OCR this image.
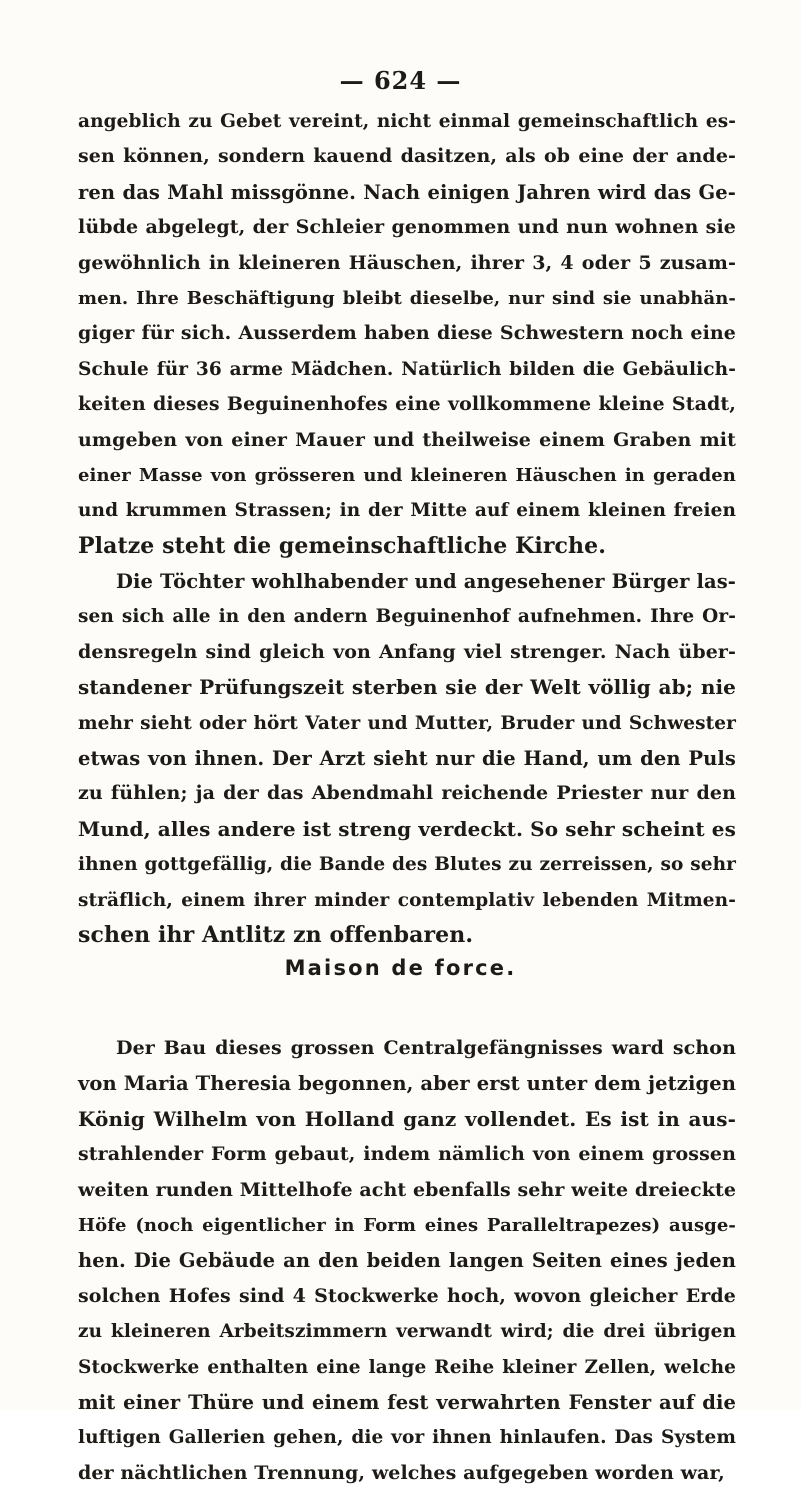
— 624 —
angeblich zu Gebet vereint, nicht einmal gemeinschaftlich es-
sen können, sondern kauend dasitzen, als ob eine der ande-
ren das Mahl missgönne. Nach einigen Jahren wird das Ge-
lübde abgelegt, der Schleier genommen und nun wohnen sie
gewöhnlich in kleineren Häuschen, ihrer 3, 4 oder 5 zusam-
men. Ihre Beschäftigung bleibt dieselbe, nur sind sie unabhän-
giger für sich. Ausserdem haben diese Schwestern noch eine
Schule für 36 arme Mädchen. Natürlich bilden die Gebäulich-
keiten dieses Beguinenhofes eine vollkommene kleine Stadt,
umgeben von einer Mauer und theilweise einem Graben mit
einer Masse von grösseren und kleineren Häuschen in geraden
und krummen Strassen; in der Mitte auf einem kleinen freien
Platze steht die gemeinschaftliche Kirche.
Die Töchter wohlhabender und angesehener Bürger las-
sen sich alle in den andern Beguinenhof aufnehmen. Ihre Or-
densregeln sind gleich von Anfang viel strenger. Nach über-
standener Prüfungszeit sterben sie der Welt völlig ab; nie
mehr sieht oder hört Vater und Mutter, Bruder und Schwester
etwas von ihnen. Der Arzt sieht nur die Hand, um den Puls
zu fühlen; ja der das Abendmahl reichende Priester nur den
Mund, alles andere ist streng verdeckt. So sehr scheint es
ihnen gottgefällig, die Bande des Blutes zu zerreissen, so sehr
sträflich, einem ihrer minder contemplativ lebenden Mitmen-
schen ihr Antlitz zn offenbaren.
Maison de force.
Der Bau dieses grossen Centralgefängnisses ward schon
von Maria Theresia begonnen, aber erst unter dem jetzigen
König Wilhelm von Holland ganz vollendet. Es ist in aus-
strahlender Form gebaut, indem nämlich von einem grossen
weiten runden Mittelhofe acht ebenfalls sehr weite dreieckte
Höfe (noch eigentlicher in Form eines Paralleltrapezes) ausge-
hen. Die Gebäude an den beiden langen Seiten eines jeden
solchen Hofes sind 4 Stockwerke hoch, wovon gleicher Erde
zu kleineren Arbeitszimmern verwandt wird; die drei übrigen
Stockwerke enthalten eine lange Reihe kleiner Zellen, welche
mit einer Thüre und einem fest verwahrten Fenster auf die
luftigen Gallerien gehen, die vor ihnen hinlaufen. Das System
der nächtlichen Trennung, welches aufgegeben worden war,
